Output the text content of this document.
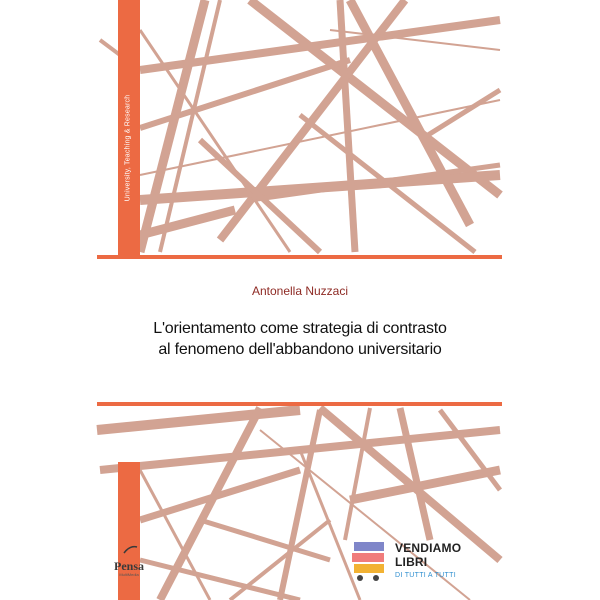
University, Teaching & Research
Antonella Nuzzaci
L'orientamento come strategia di contrasto
al fenomeno dell'abbandono universitario
Pensa
MultiMedia
VENDIAMO
LIBRI
DI TUTTI A TUTTI
